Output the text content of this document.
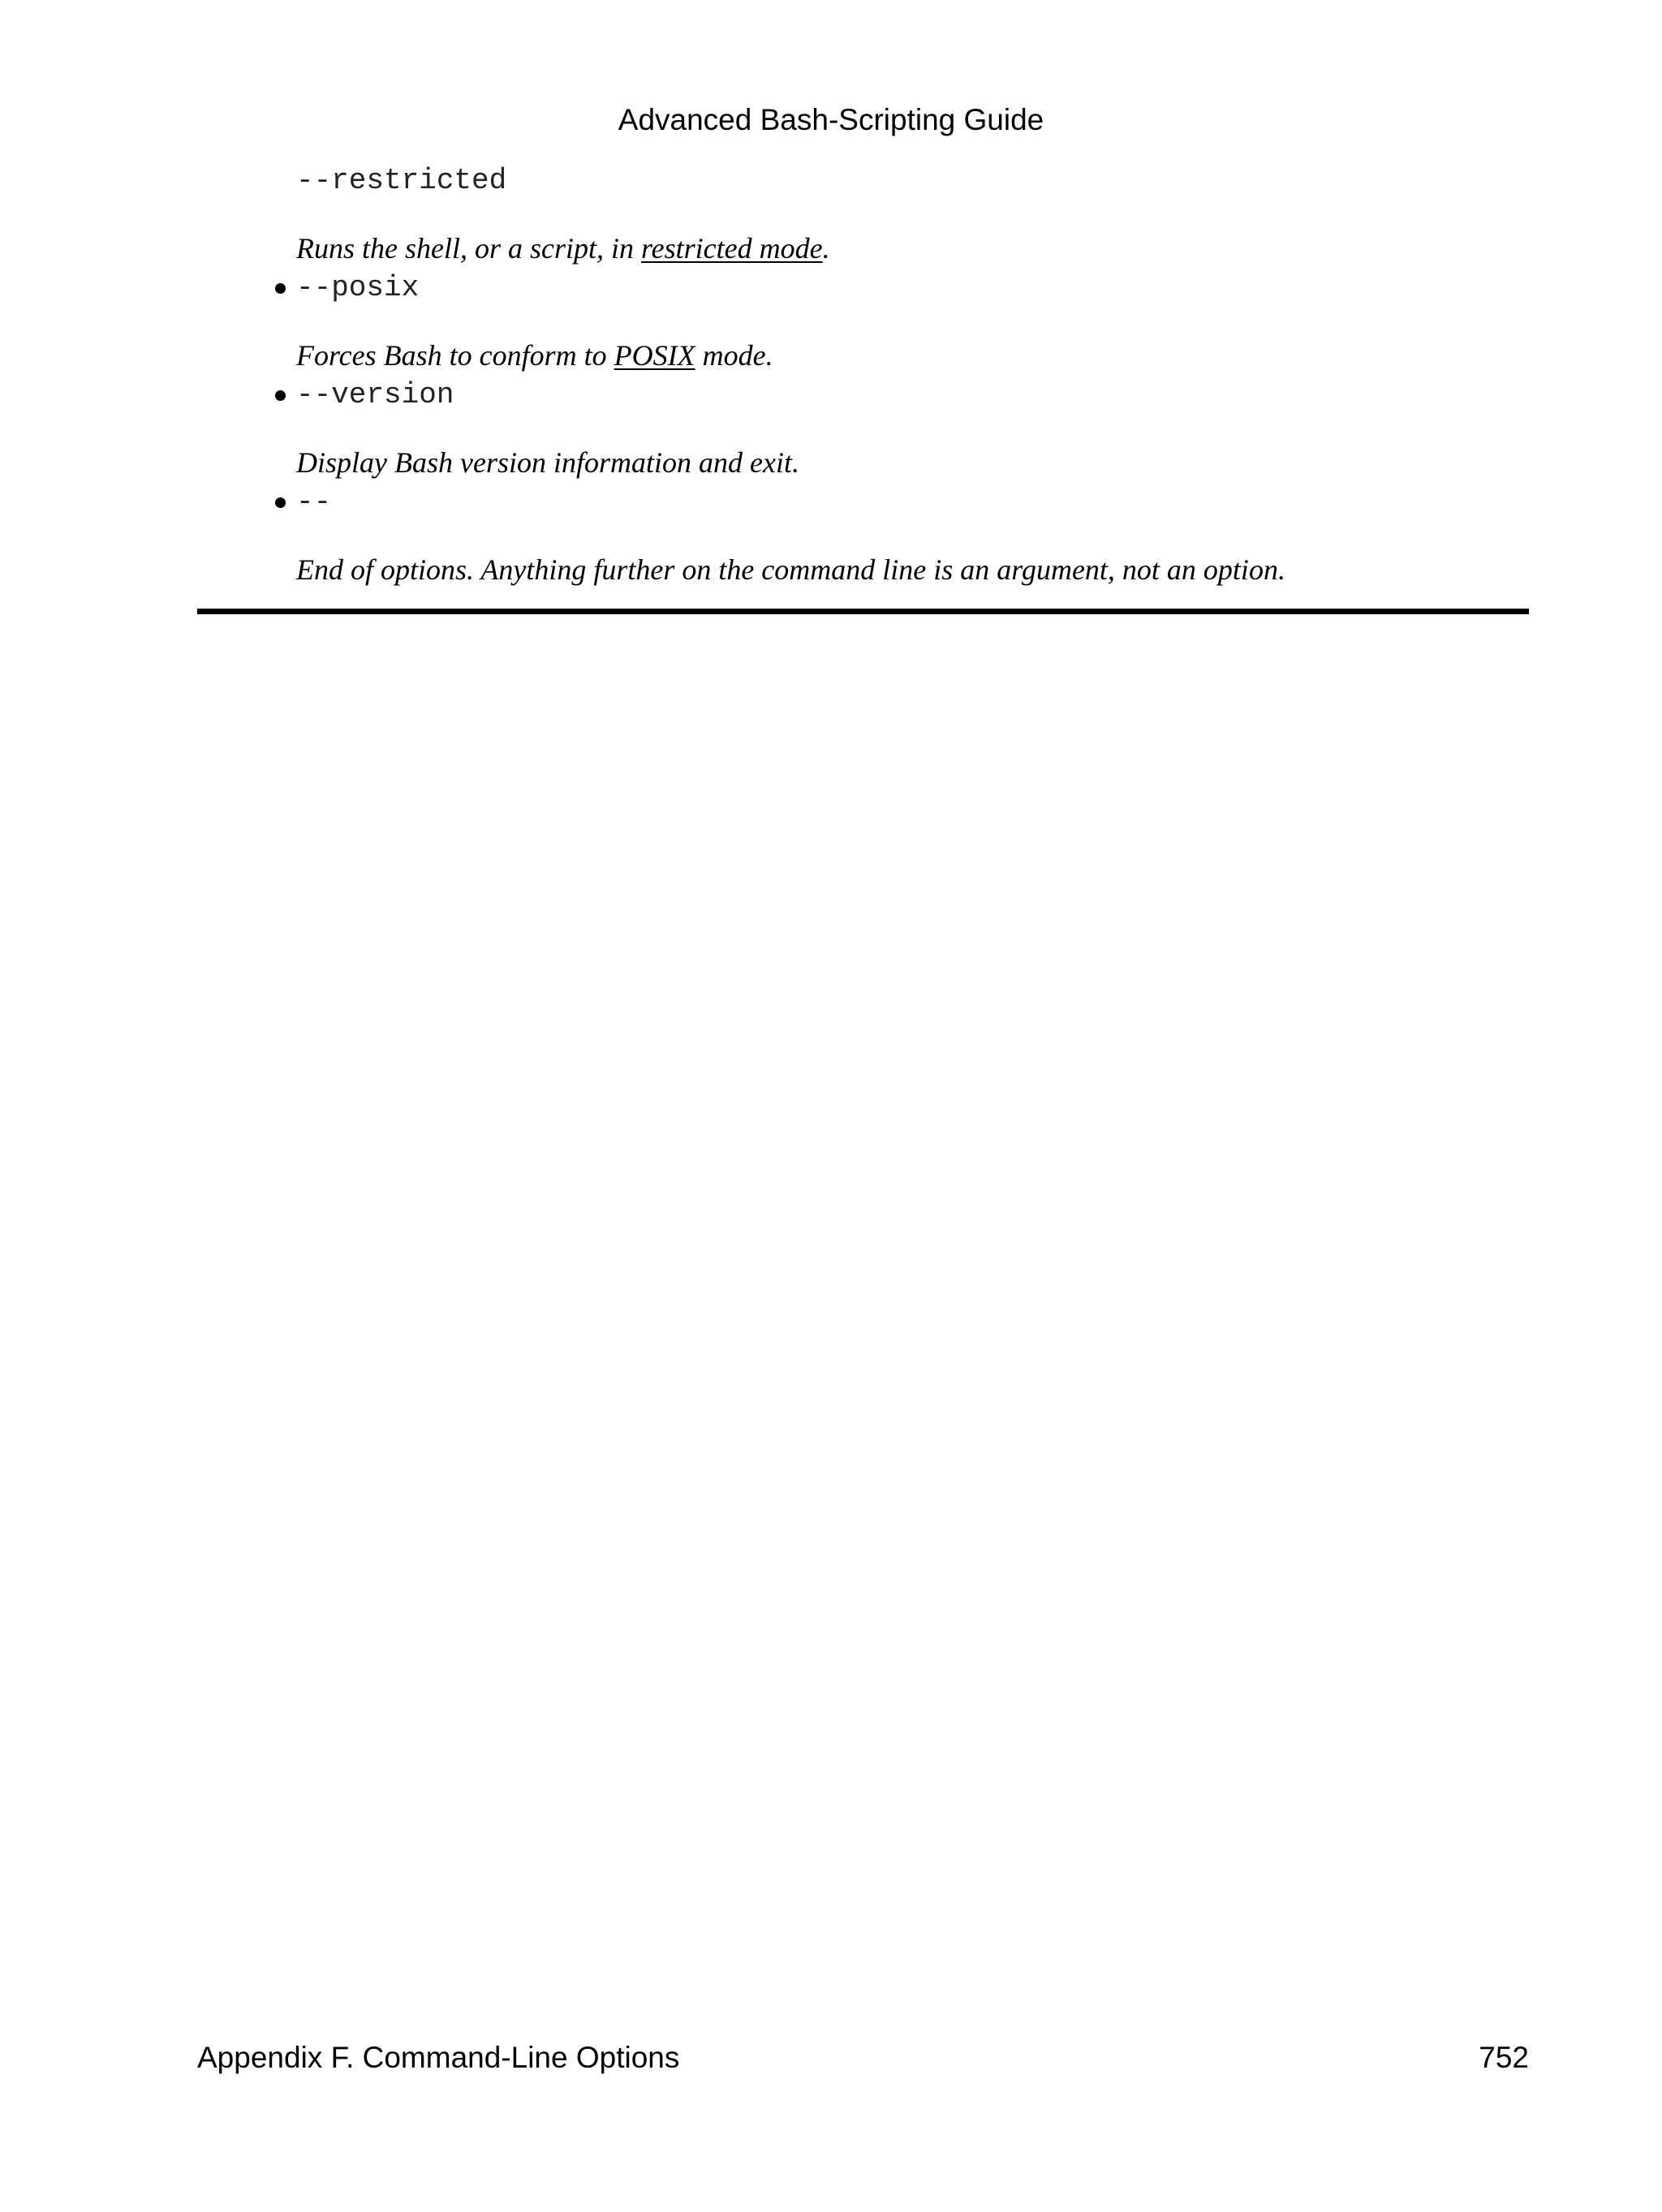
Advanced Bash-Scripting Guide
--restricted
Runs the shell, or a script, in restricted mode.
--posix
Forces Bash to conform to POSIX mode.
--version
Display Bash version information and exit.
--
End of options. Anything further on the command line is an argument, not an option.
Appendix F. Command-Line Options	752
